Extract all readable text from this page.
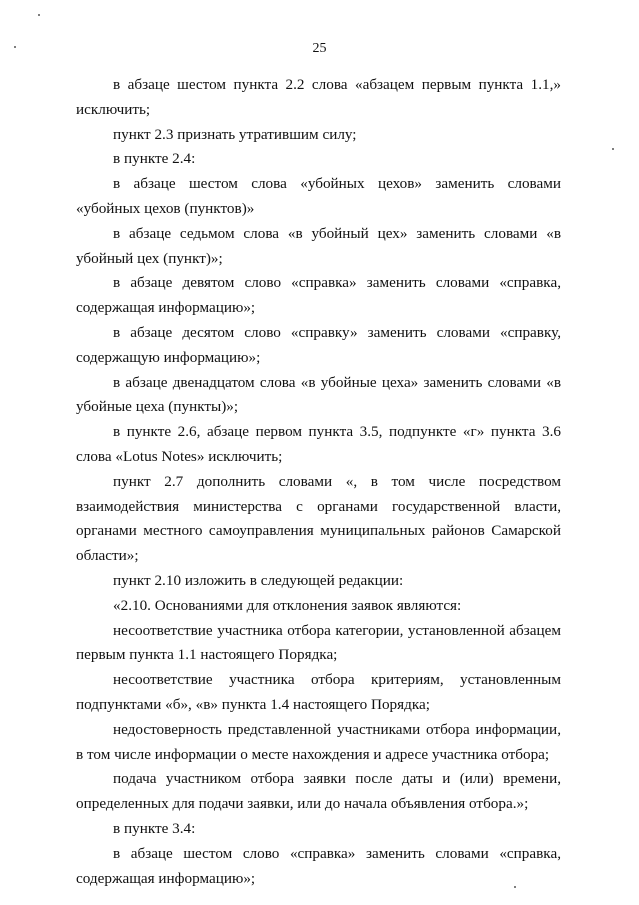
25

в абзаце шестом пункта 2.2 слова «абзацем первым пункта 1.1,» исключить;

пункт 2.3 признать утратившим силу;

в пункте 2.4:

в абзаце шестом слова «убойных цехов» заменить словами «убойных цехов (пунктов)»

в абзаце седьмом слова «в убойный цех» заменить словами «в убойный цех (пункт)»;

в абзаце девятом слово «справка» заменить словами «справка, содержащая информацию»;

в абзаце десятом слово «справку» заменить словами «справку, содержащую информацию»;

в абзаце двенадцатом слова «в убойные цеха» заменить словами «в убойные цеха (пункты)»;

в пункте 2.6, абзаце первом пункта 3.5, подпункте «г» пункта 3.6 слова «Lotus Notes» исключить;

пункт 2.7 дополнить словами «, в том числе посредством взаимодействия министерства с органами государственной власти, органами местного самоуправления муниципальных районов Самарской области»;

пункт 2.10 изложить в следующей редакции:

«2.10. Основаниями для отклонения заявок являются:

несоответствие участника отбора категории, установленной абзацем первым пункта 1.1 настоящего Порядка;

несоответствие участника отбора критериям, установленным подпунктами «б», «в» пункта 1.4 настоящего Порядка;

недостоверность представленной участниками отбора информации, в том числе информации о месте нахождения и адресе участника отбора;

подача участником отбора заявки после даты и (или) времени, определенных для подачи заявки, или до начала объявления отбора.»;

в пункте 3.4:

в абзаце шестом слово «справка» заменить словами «справка, содержащая информацию»;
